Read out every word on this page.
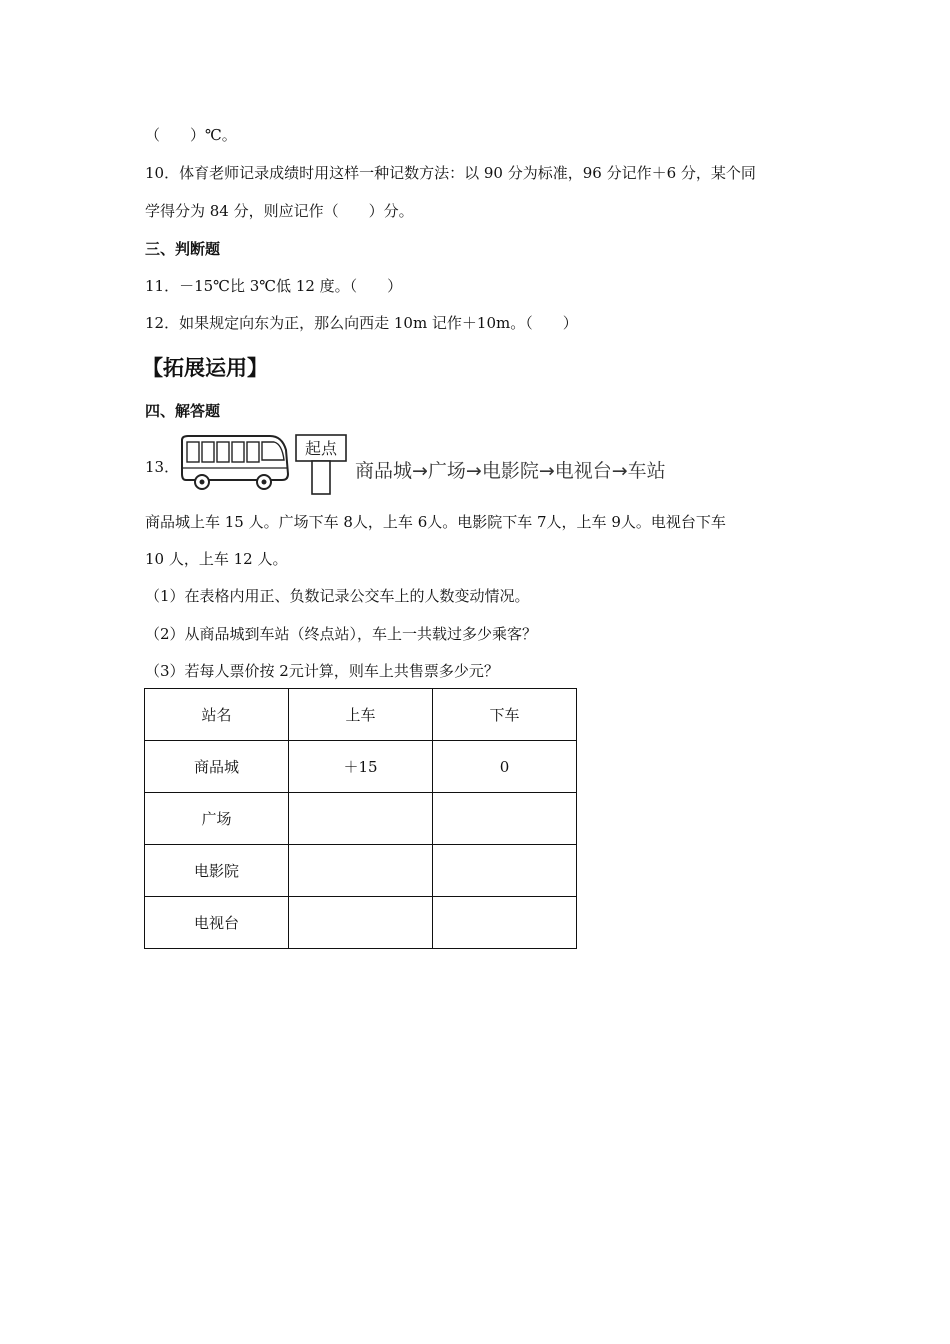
（　　）℃。
10．体育老师记录成绩时用这样一种记数方法：以 90 分为标准，96 分记作＋6 分，某个同
学得分为 84 分，则应记作（　　）分。
三、判断题
11．－15℃比 3℃低 12 度。（　　）
12．如果规定向东为正，那么向西走 10m 记作＋10m。（　　）
【拓展运用】
四、解答题
13．
起点
商品城→广场→电影院→电视台→车站
商品城上车 15 人。广场下车 8人，上车 6人。电影院下车 7人，上车 9人。电视台下车
10 人，上车 12 人。
（1）在表格内用正、负数记录公交车上的人数变动情况。
（2）从商品城到车站（终点站），车上一共载过多少乘客？
（3）若每人票价按 2元计算，则车上共售票多少元？
站名	上车	下车
商品城	＋15	0
广场		
电影院		
电视台		
